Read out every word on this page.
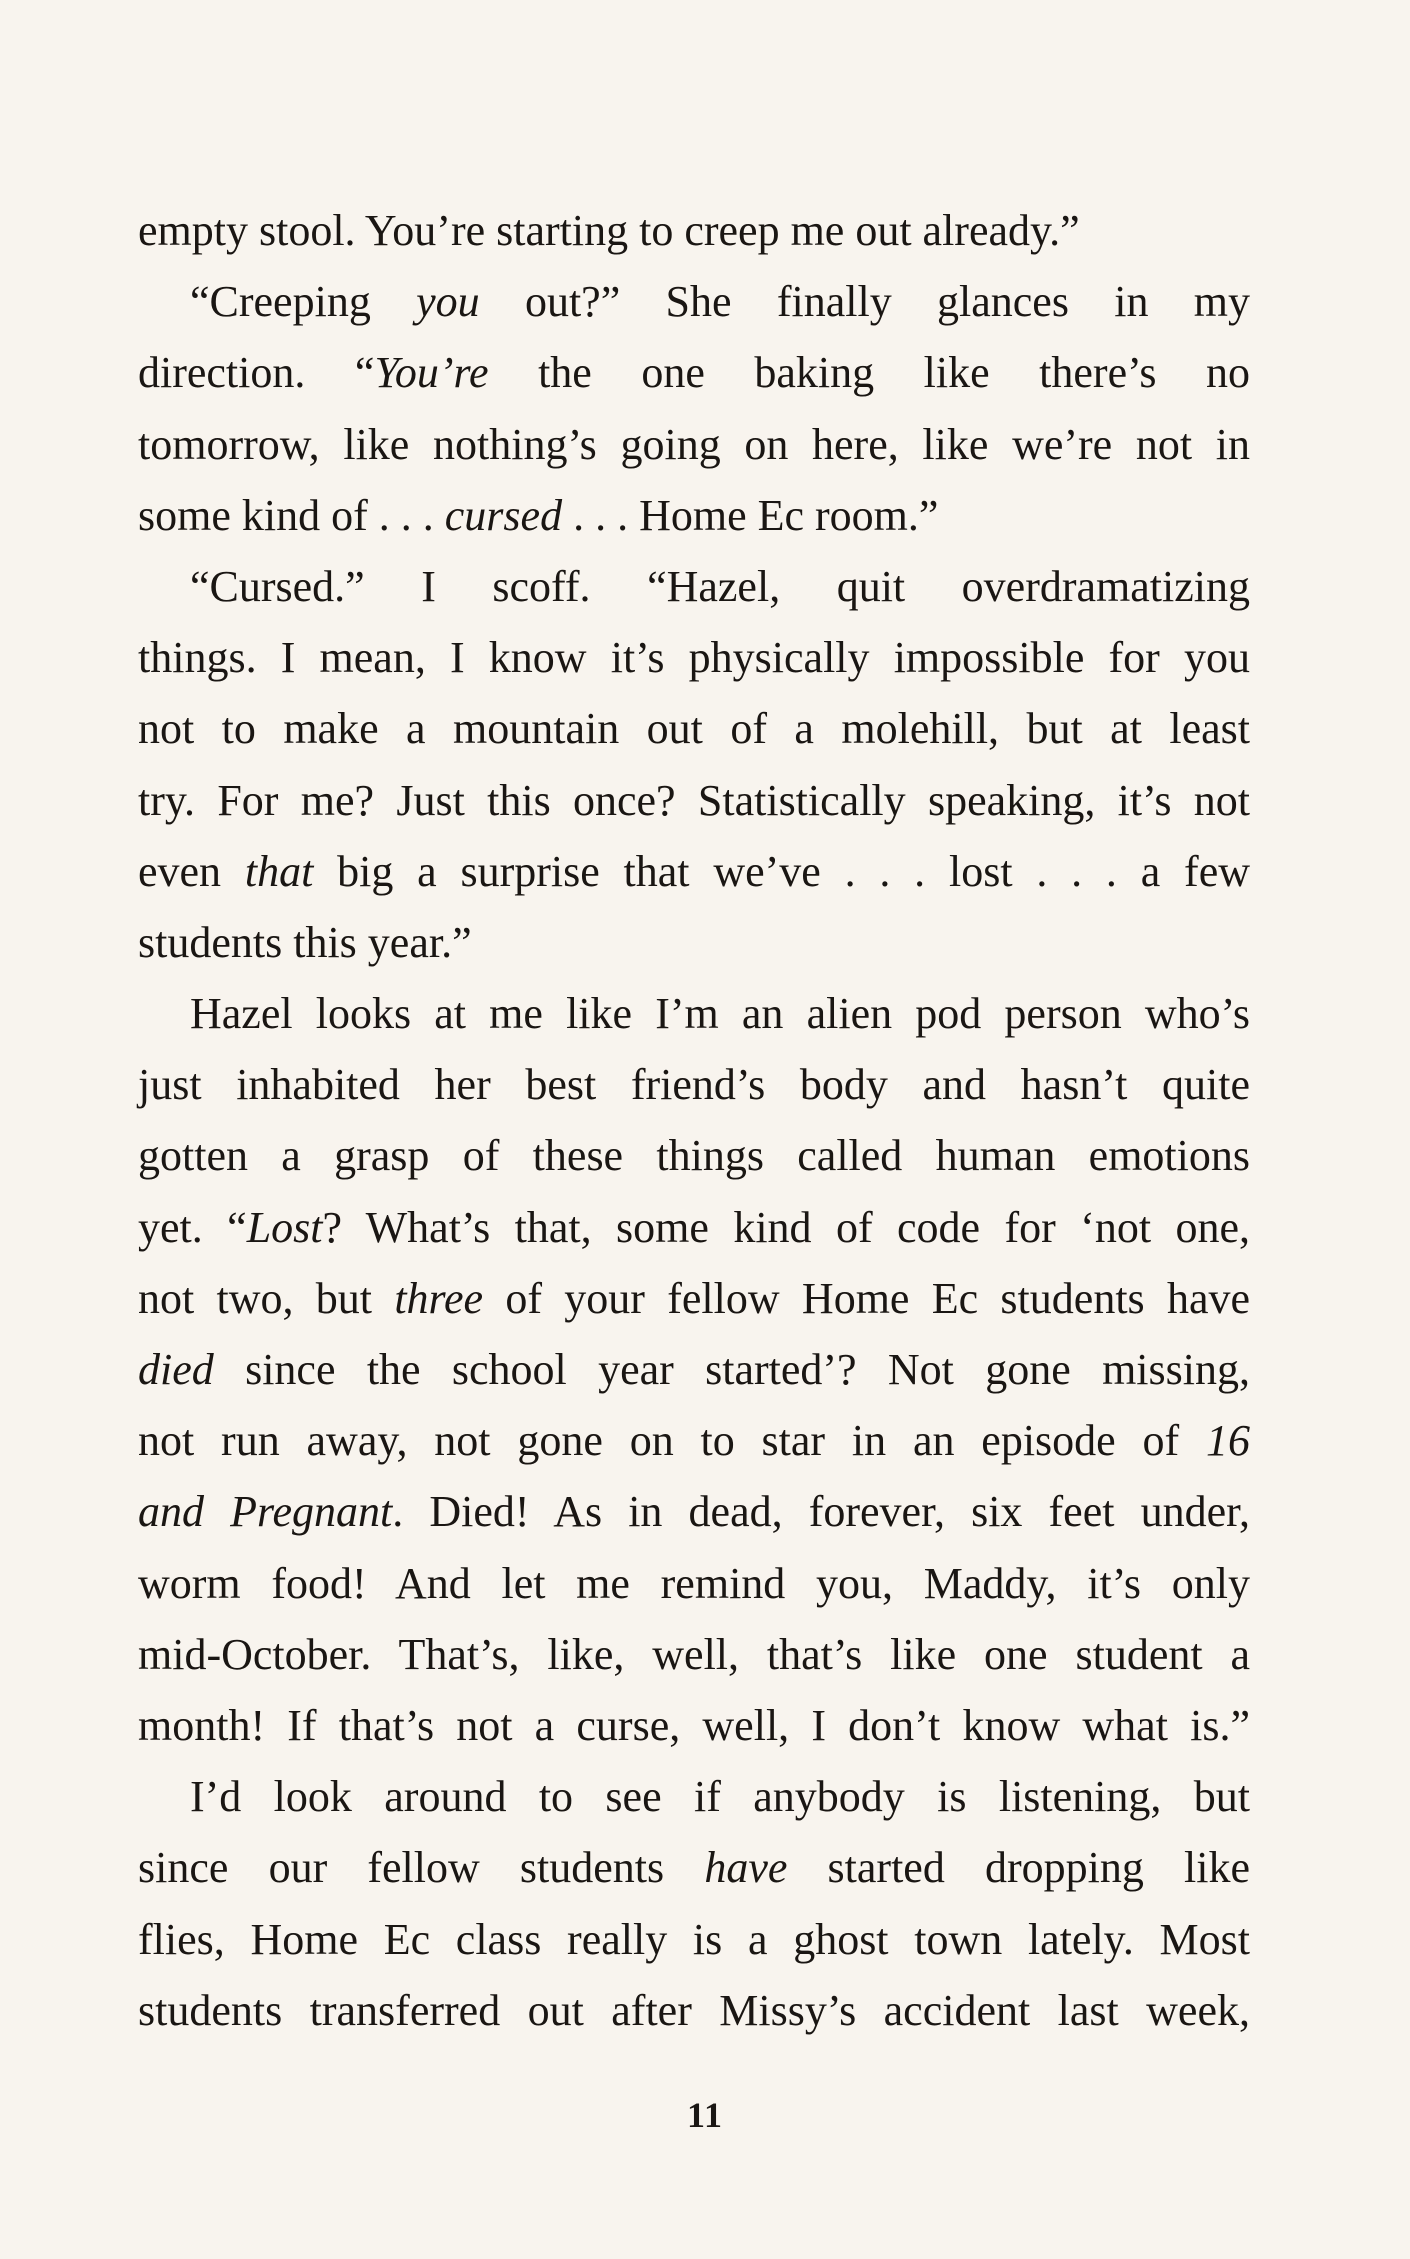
empty stool. You’re starting to creep me out already.”
“Creeping you out?” She finally glances in my
direction. “You’re the one baking like there’s no
tomorrow, like nothing’s going on here, like we’re not in
some kind of . . . cursed . . . Home Ec room.”
“Cursed.” I scoff. “Hazel, quit overdramatizing
things. I mean, I know it’s physically impossible for you
not to make a mountain out of a molehill, but at least
try. For me? Just this once? Statistically speaking, it’s not
even that big a surprise that we’ve . . . lost . . . a few
students this year.”
Hazel looks at me like I’m an alien pod person who’s
just inhabited her best friend’s body and hasn’t quite
gotten a grasp of these things called human emotions
yet. “Lost? What’s that, some kind of code for ‘not one,
not two, but three of your fellow Home Ec students have
died since the school year started’? Not gone missing,
not run away, not gone on to star in an episode of 16
and Pregnant. Died! As in dead, forever, six feet under,
worm food! And let me remind you, Maddy, it’s only
mid-October. That’s, like, well, that’s like one student a
month! If that’s not a curse, well, I don’t know what is.”
I’d look around to see if anybody is listening, but
since our fellow students have started dropping like
flies, Home Ec class really is a ghost town lately. Most
students transferred out after Missy’s accident last week,
11
